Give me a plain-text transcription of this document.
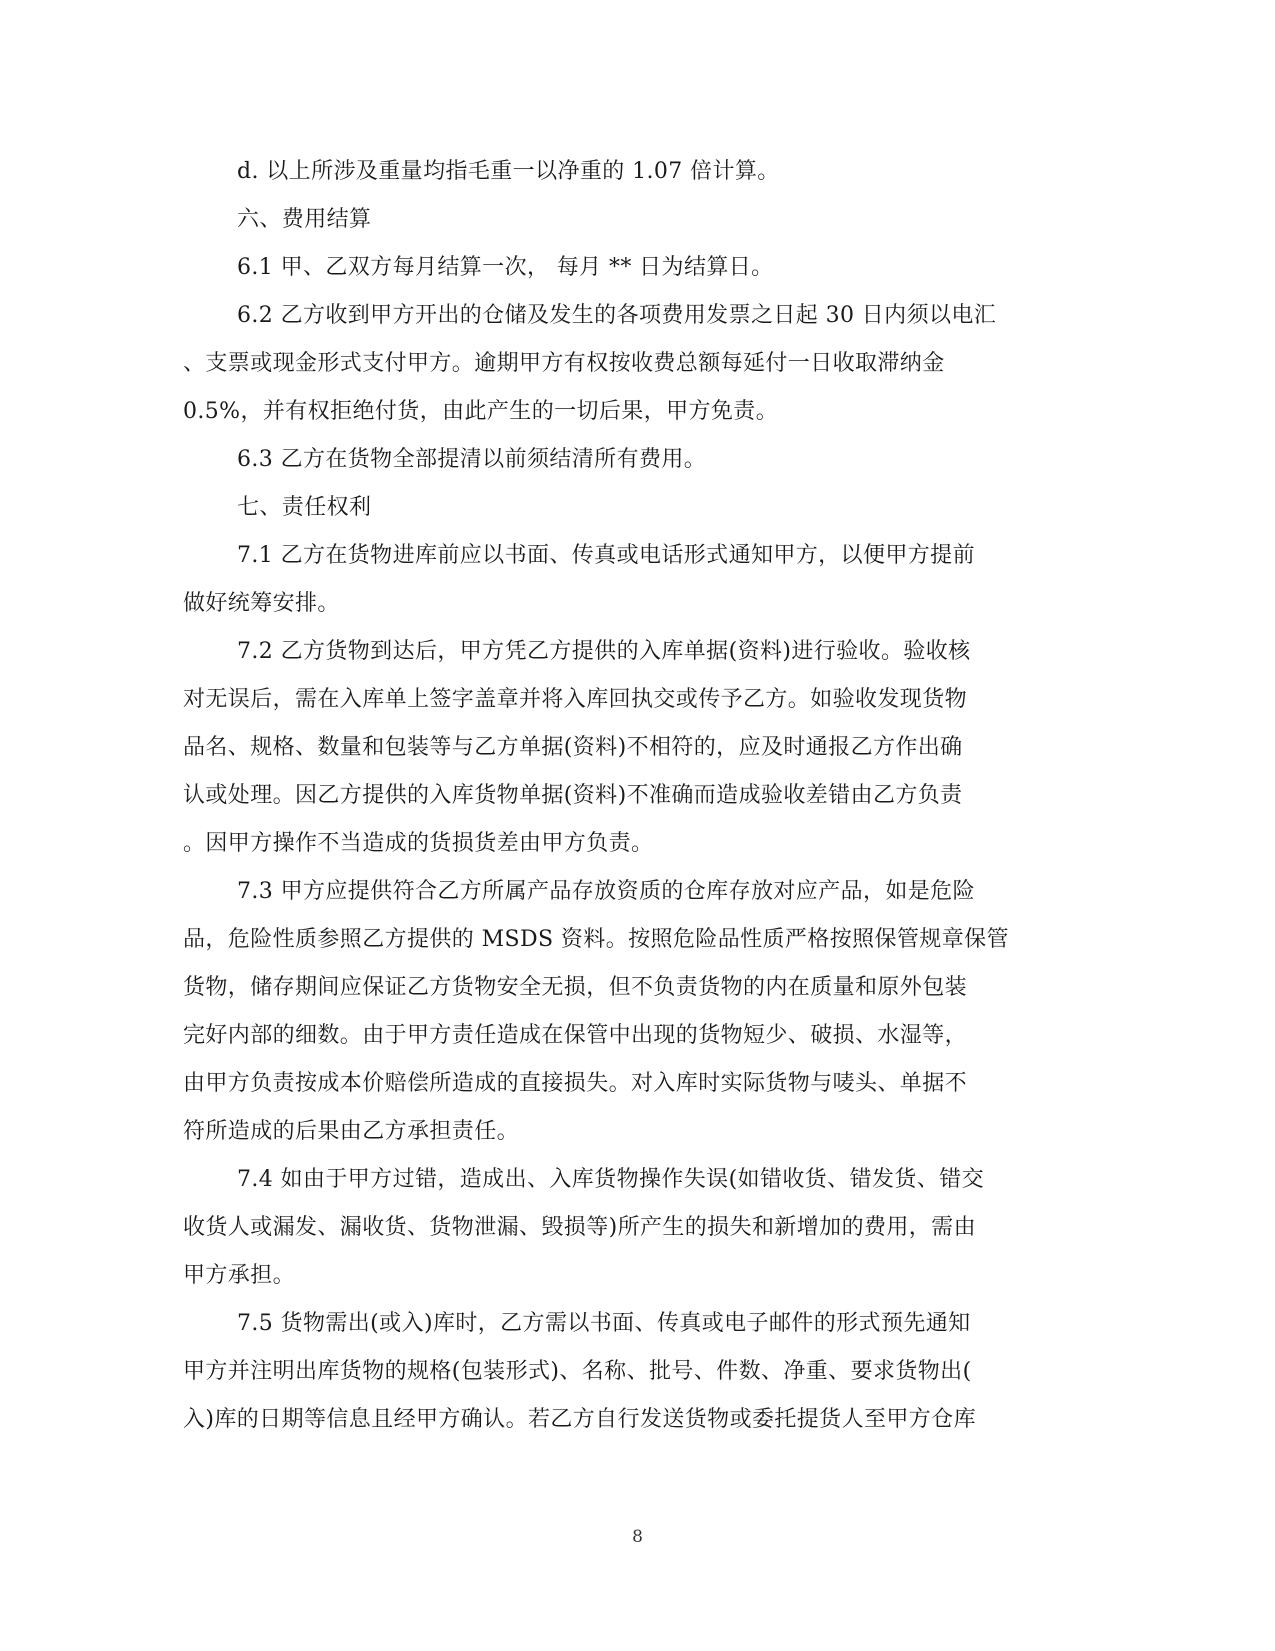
d. 以上所涉及重量均指毛重一以净重的 1.07 倍计算。
六、费用结算
6.1 甲、乙双方每月结算一次， 每月 ** 日为结算日。
6.2 乙方收到甲方开出的仓储及发生的各项费用发票之日起 30 日内须以电汇
、支票或现金形式支付甲方。逾期甲方有权按收费总额每延付一日收取滞纳金
0.5%，并有权拒绝付货，由此产生的一切后果，甲方免责。
6.3 乙方在货物全部提清以前须结清所有费用。
七、责任权利
7.1 乙方在货物进库前应以书面、传真或电话形式通知甲方，以便甲方提前
做好统筹安排。
7.2 乙方货物到达后，甲方凭乙方提供的入库单据(资料)进行验收。验收核
对无误后，需在入库单上签字盖章并将入库回执交或传予乙方。如验收发现货物
品名、规格、数量和包装等与乙方单据(资料)不相符的，应及时通报乙方作出确
认或处理。因乙方提供的入库货物单据(资料)不准确而造成验收差错由乙方负责
。因甲方操作不当造成的货损货差由甲方负责。
7.3 甲方应提供符合乙方所属产品存放资质的仓库存放对应产品，如是危险
品，危险性质参照乙方提供的 MSDS 资料。按照危险品性质严格按照保管规章保管
货物，储存期间应保证乙方货物安全无损，但不负责货物的内在质量和原外包装
完好内部的细数。由于甲方责任造成在保管中出现的货物短少、破损、水湿等，
由甲方负责按成本价赔偿所造成的直接损失。对入库时实际货物与唛头、单据不
符所造成的后果由乙方承担责任。
7.4 如由于甲方过错，造成出、入库货物操作失误(如错收货、错发货、错交
收货人或漏发、漏收货、货物泄漏、毁损等)所产生的损失和新增加的费用，需由
甲方承担。
7.5 货物需出(或入)库时，乙方需以书面、传真或电子邮件的形式预先通知
甲方并注明出库货物的规格(包装形式)、名称、批号、件数、净重、要求货物出(
入)库的日期等信息且经甲方确认。若乙方自行发送货物或委托提货人至甲方仓库
8
